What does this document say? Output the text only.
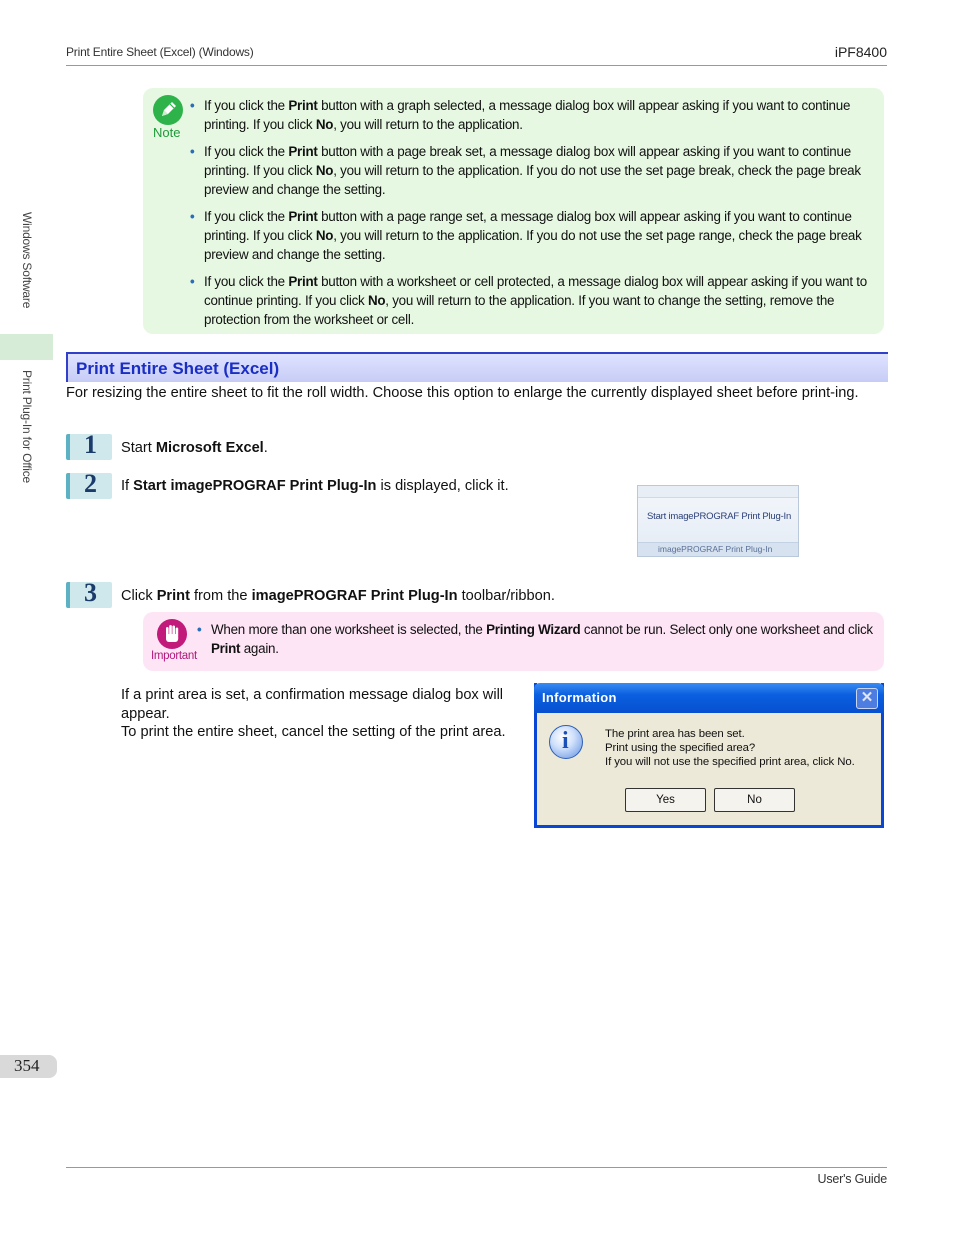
Print Entire Sheet (Excel) (Windows)	iPF8400
Windows Software
Print Plug-In for Office
Note
• If you click the Print button with a graph selected, a message dialog box will appear asking if you want to continue printing. If you click No, you will return to the application.
• If you click the Print button with a page break set, a message dialog box will appear asking if you want to continue printing. If you click No, you will return to the application. If you do not use the set page break, check the page break preview and change the setting.
• If you click the Print button with a page range set, a message dialog box will appear asking if you want to continue printing. If you click No, you will return to the application. If you do not use the set page range, check the page break preview and change the setting.
• If you click the Print button with a worksheet or cell protected, a message dialog box will appear asking if you want to continue printing. If you click No, you will return to the application. If you want to change the setting, remove the protection from the worksheet or cell.
Print Entire Sheet (Excel)
For resizing the entire sheet to fit the roll width. Choose this option to enlarge the currently displayed sheet before print-ing.
1 Start Microsoft Excel.
2 If Start imagePROGRAF Print Plug-In is displayed, click it.
Start imagePROGRAF Print Plug-In
imagePROGRAF Print Plug-In
3 Click Print from the imagePROGRAF Print Plug-In toolbar/ribbon.
Important
• When more than one worksheet is selected, the Printing Wizard cannot be run. Select only one worksheet and click Print again.
If a print area is set, a confirmation message dialog box will appear.
To print the entire sheet, cancel the setting of the print area.
Information	✕
i	The print area has been set.
Print using the specified area?
If you will not use the specified print area, click No.
Yes	No
354
User's Guide
